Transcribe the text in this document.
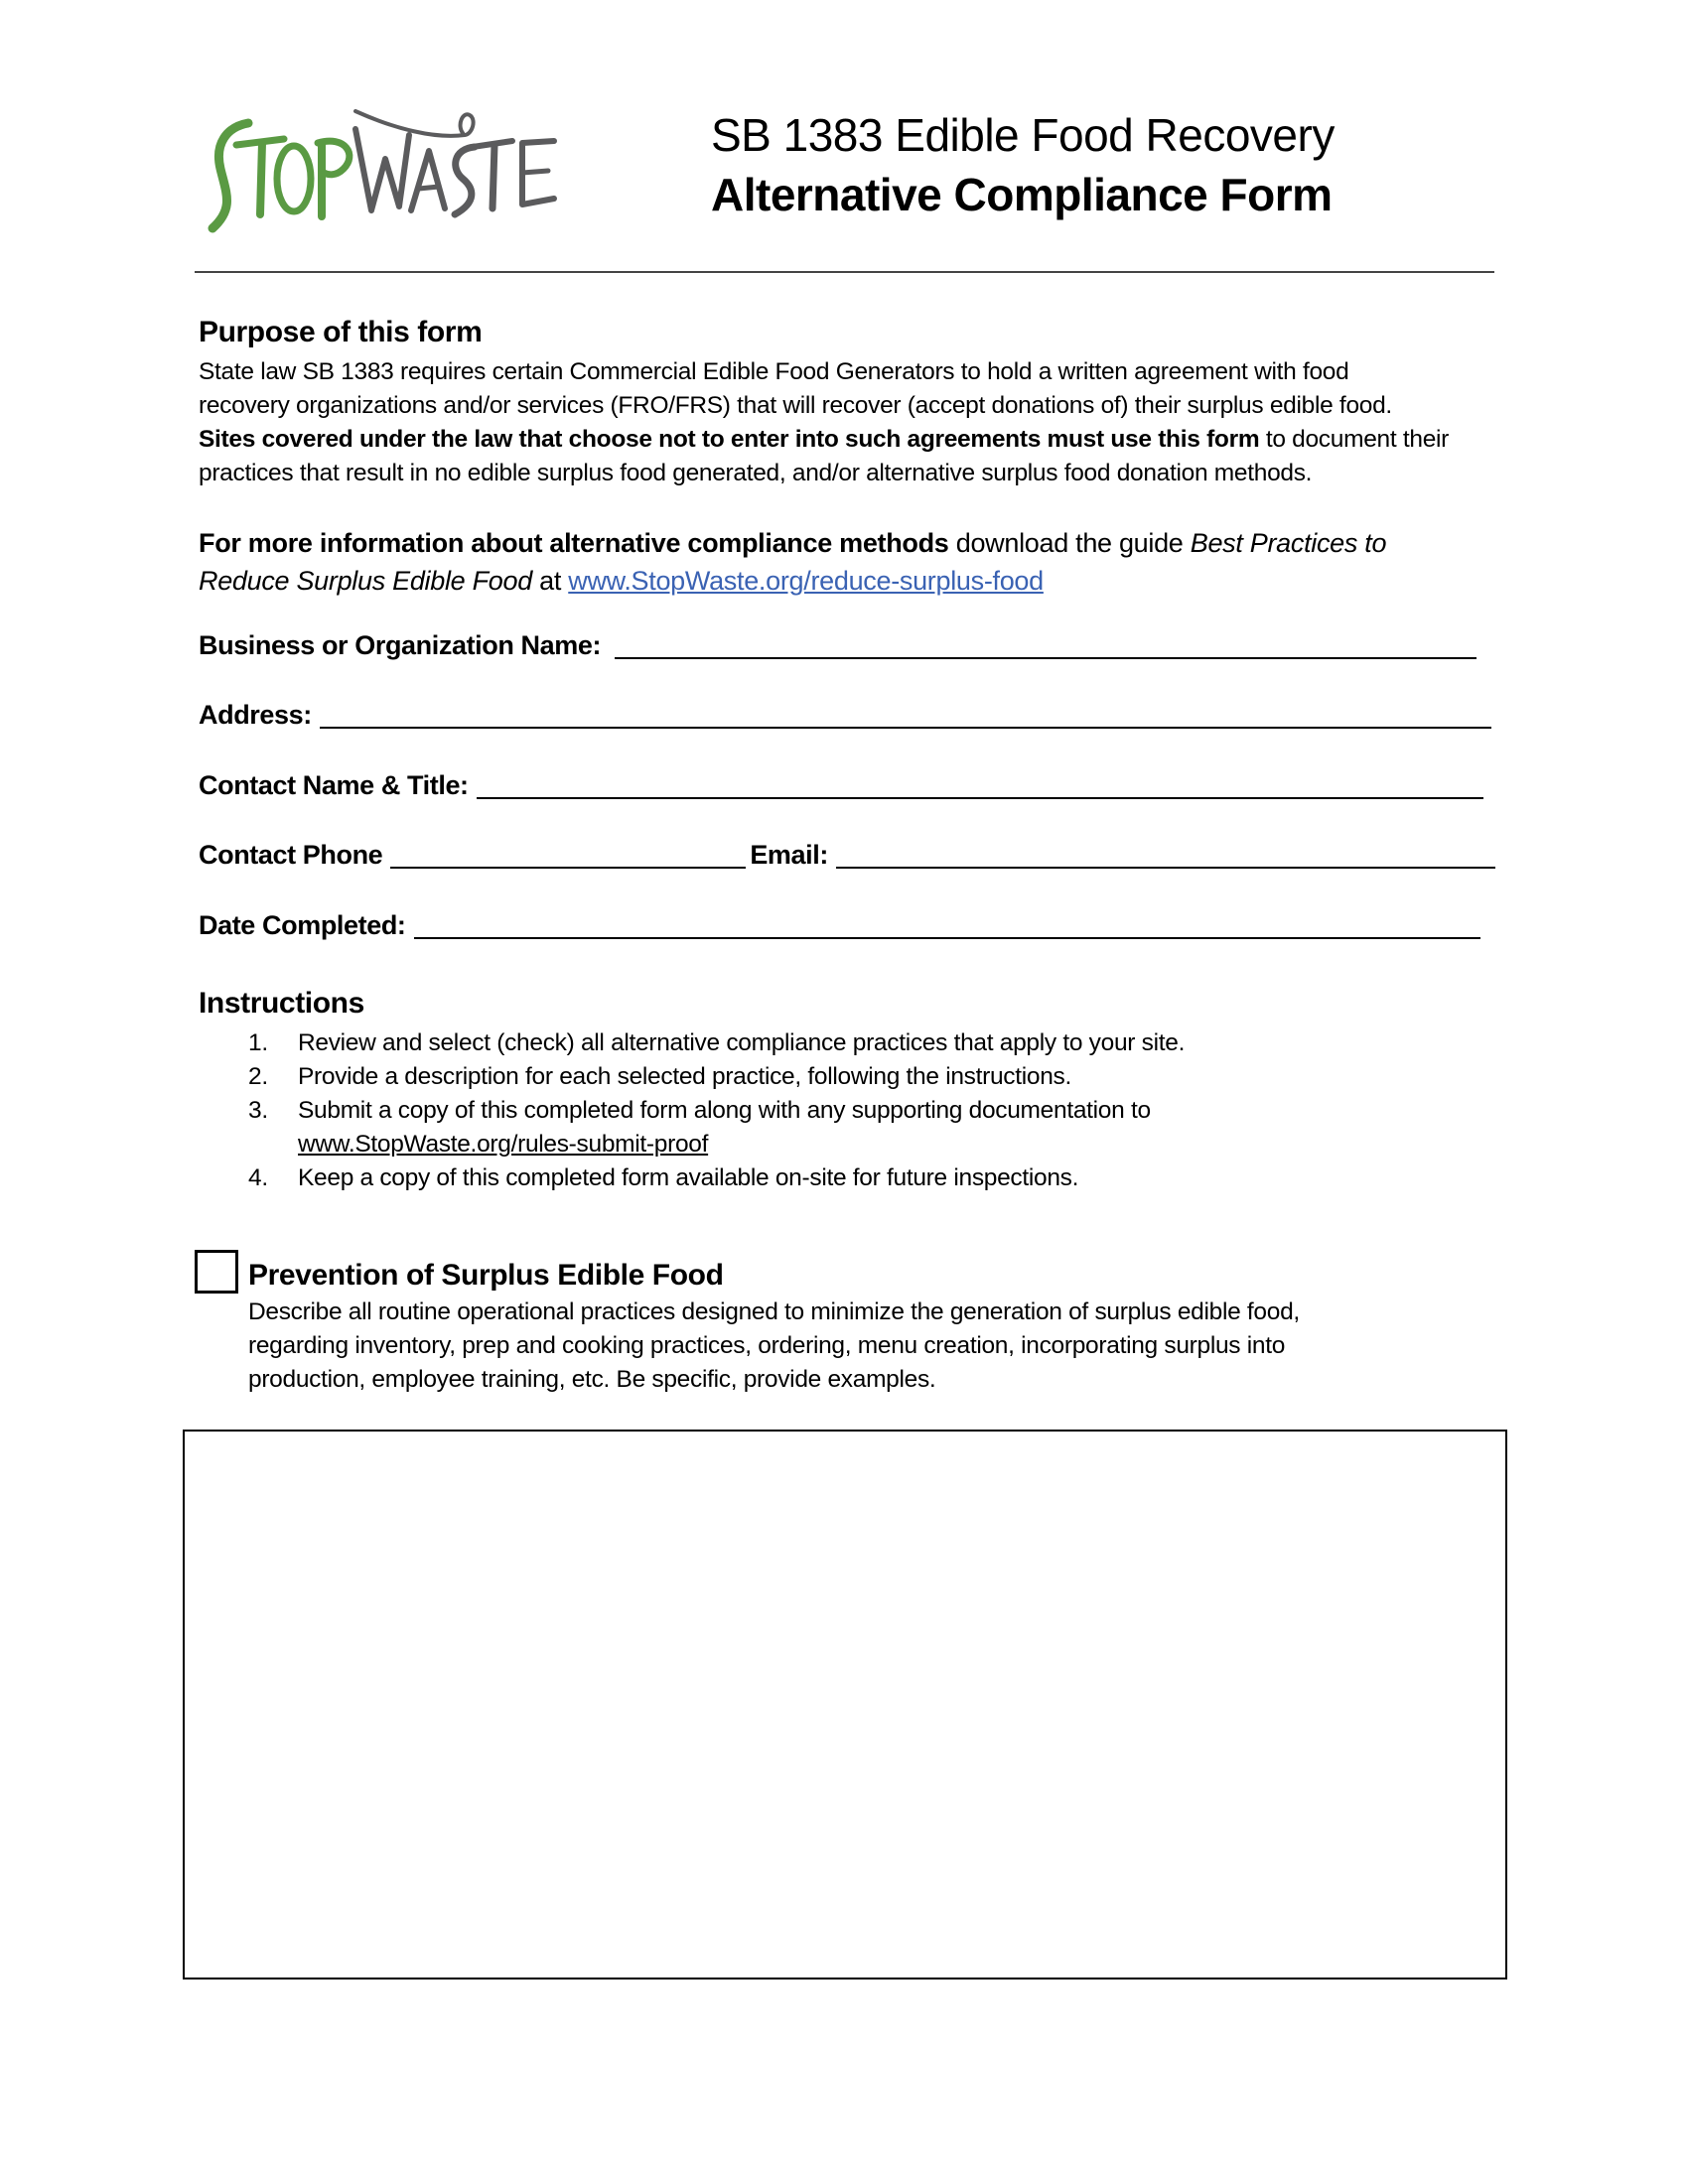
SB 1383 Edible Food Recovery
Alternative Compliance Form
Purpose of this form
State law SB 1383 requires certain Commercial Edible Food Generators to hold a written agreement with food
recovery organizations and/or services (FRO/FRS) that will recover (accept donations of) their surplus edible food.
Sites covered under the law that choose not to enter into such agreements must use this form to document their
practices that result in no edible surplus food generated, and/or alternative surplus food donation methods.
For more information about alternative compliance methods download the guide Best Practices to
Reduce Surplus Edible Food at www.StopWaste.org/reduce-surplus-food
Business or Organization Name:
Address:
Contact Name & Title:
Contact Phone	Email:
Date Completed:
Instructions
1. Review and select (check) all alternative compliance practices that apply to your site.
2. Provide a description for each selected practice, following the instructions.
3. Submit a copy of this completed form along with any supporting documentation to
www.StopWaste.org/rules-submit-proof
4. Keep a copy of this completed form available on-site for future inspections.
Prevention of Surplus Edible Food
Describe all routine operational practices designed to minimize the generation of surplus edible food,
regarding inventory, prep and cooking practices, ordering, menu creation, incorporating surplus into
production, employee training, etc. Be specific, provide examples.
